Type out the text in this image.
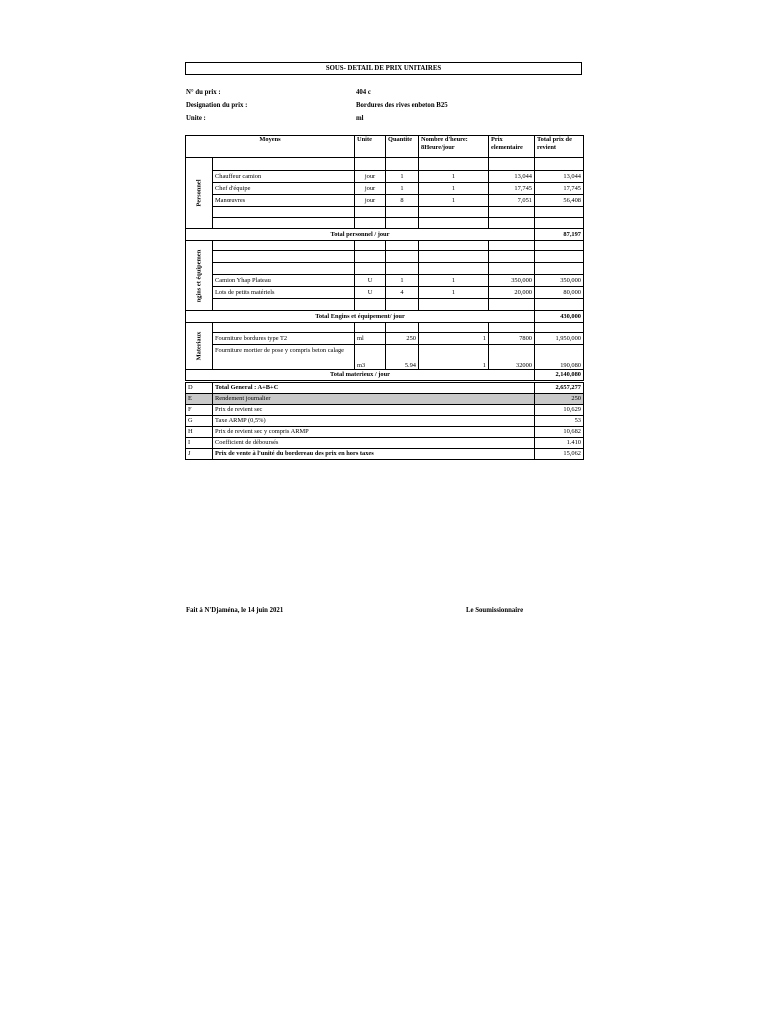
SOUS- DETAIL DE PRIX UNITAIRES
N° du prix :	404 c
Designation du prix :	Bordures des rives enbeton B25
Unite :	ml
Moyens		Unite	Quantite	Nombre d'heure: 8Heure/jour	Prix elementaire	Total prix de revient

Personnel						

	Chauffeur camion	jour	1	1	13,044	13,044
	Chef d'équipe	jour	1	1	17,745	17,745
	Manœuvres	jour	8	1	7,051	56,408

Total personnel / jour						87,197

ngins et équipemen						

	Camion Yhap Plateau	U	1	1	350,000	350,000
	Lots de petits matériels	U	4	1	20,000	80,000

Total Engins et équipement/ jour						430,000

Materiaux						

	Fourniture bordures type T2	ml	250	1	7800	1,950,000
	Fourniture mortier de pose y compris beton calage	m3	5.94	1	32000	190,080
Total materieux / jour						2,140,080
D	Total General : A+B+C	2,657,277
E	Rendement journalier	250
F	Prix de revient sec	10,629
G	Taxe ARMP (0,5%)	53
H	Prix de revient sec y compris ARMP	10,682
I	Coefficient de déboursés	1.410
J	Prix de vente à l'unité du bordereau des prix en hors taxes	15,062
Fait à N'Djaména, le 14 juin 2021	Le Soumissionnaire
